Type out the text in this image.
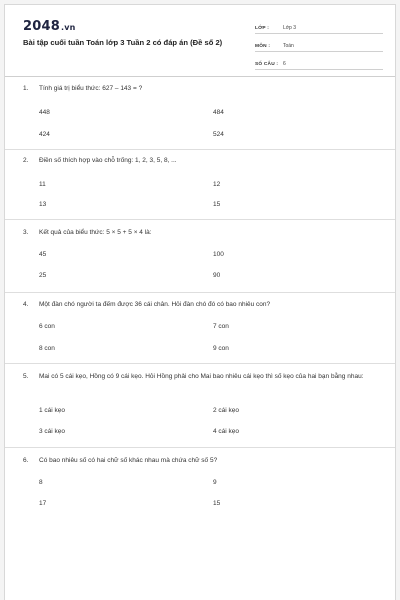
2048.vn
Bài tập cuối tuần Toán lớp 3 Tuần 2 có đáp án (Đề số 2)
LỚP :	Lớp 3
MÔN :	Toán
SỐ CÂU : 6
1.	Tính giá trị biểu thức: 627 – 143 = ?
448	484
424	524
2.	Điền số thích hợp vào chỗ trống: 1, 2, 3, 5, 8, ...
11	12
13	15
3.	Kết quả của biểu thức: 5 × 5 + 5 × 4 là:
45	100
25	90
4.	Một đàn chó người ta đếm được 36 cái chân. Hỏi đàn chó đó có bao nhiêu con?
6 con	7 con
8 con	9 con
5.	Mai có 5 cái kẹo, Hồng có 9 cái kẹo. Hỏi Hồng phải cho Mai bao nhiêu cái kẹo thì số kẹo của hai bạn bằng nhau:
1 cái kẹo	2 cái kẹo
3 cái kẹo	4 cái kẹo
6.	Có bao nhiêu số có hai chữ số khác nhau mà chứa chữ số 5?
8	9
17	15
